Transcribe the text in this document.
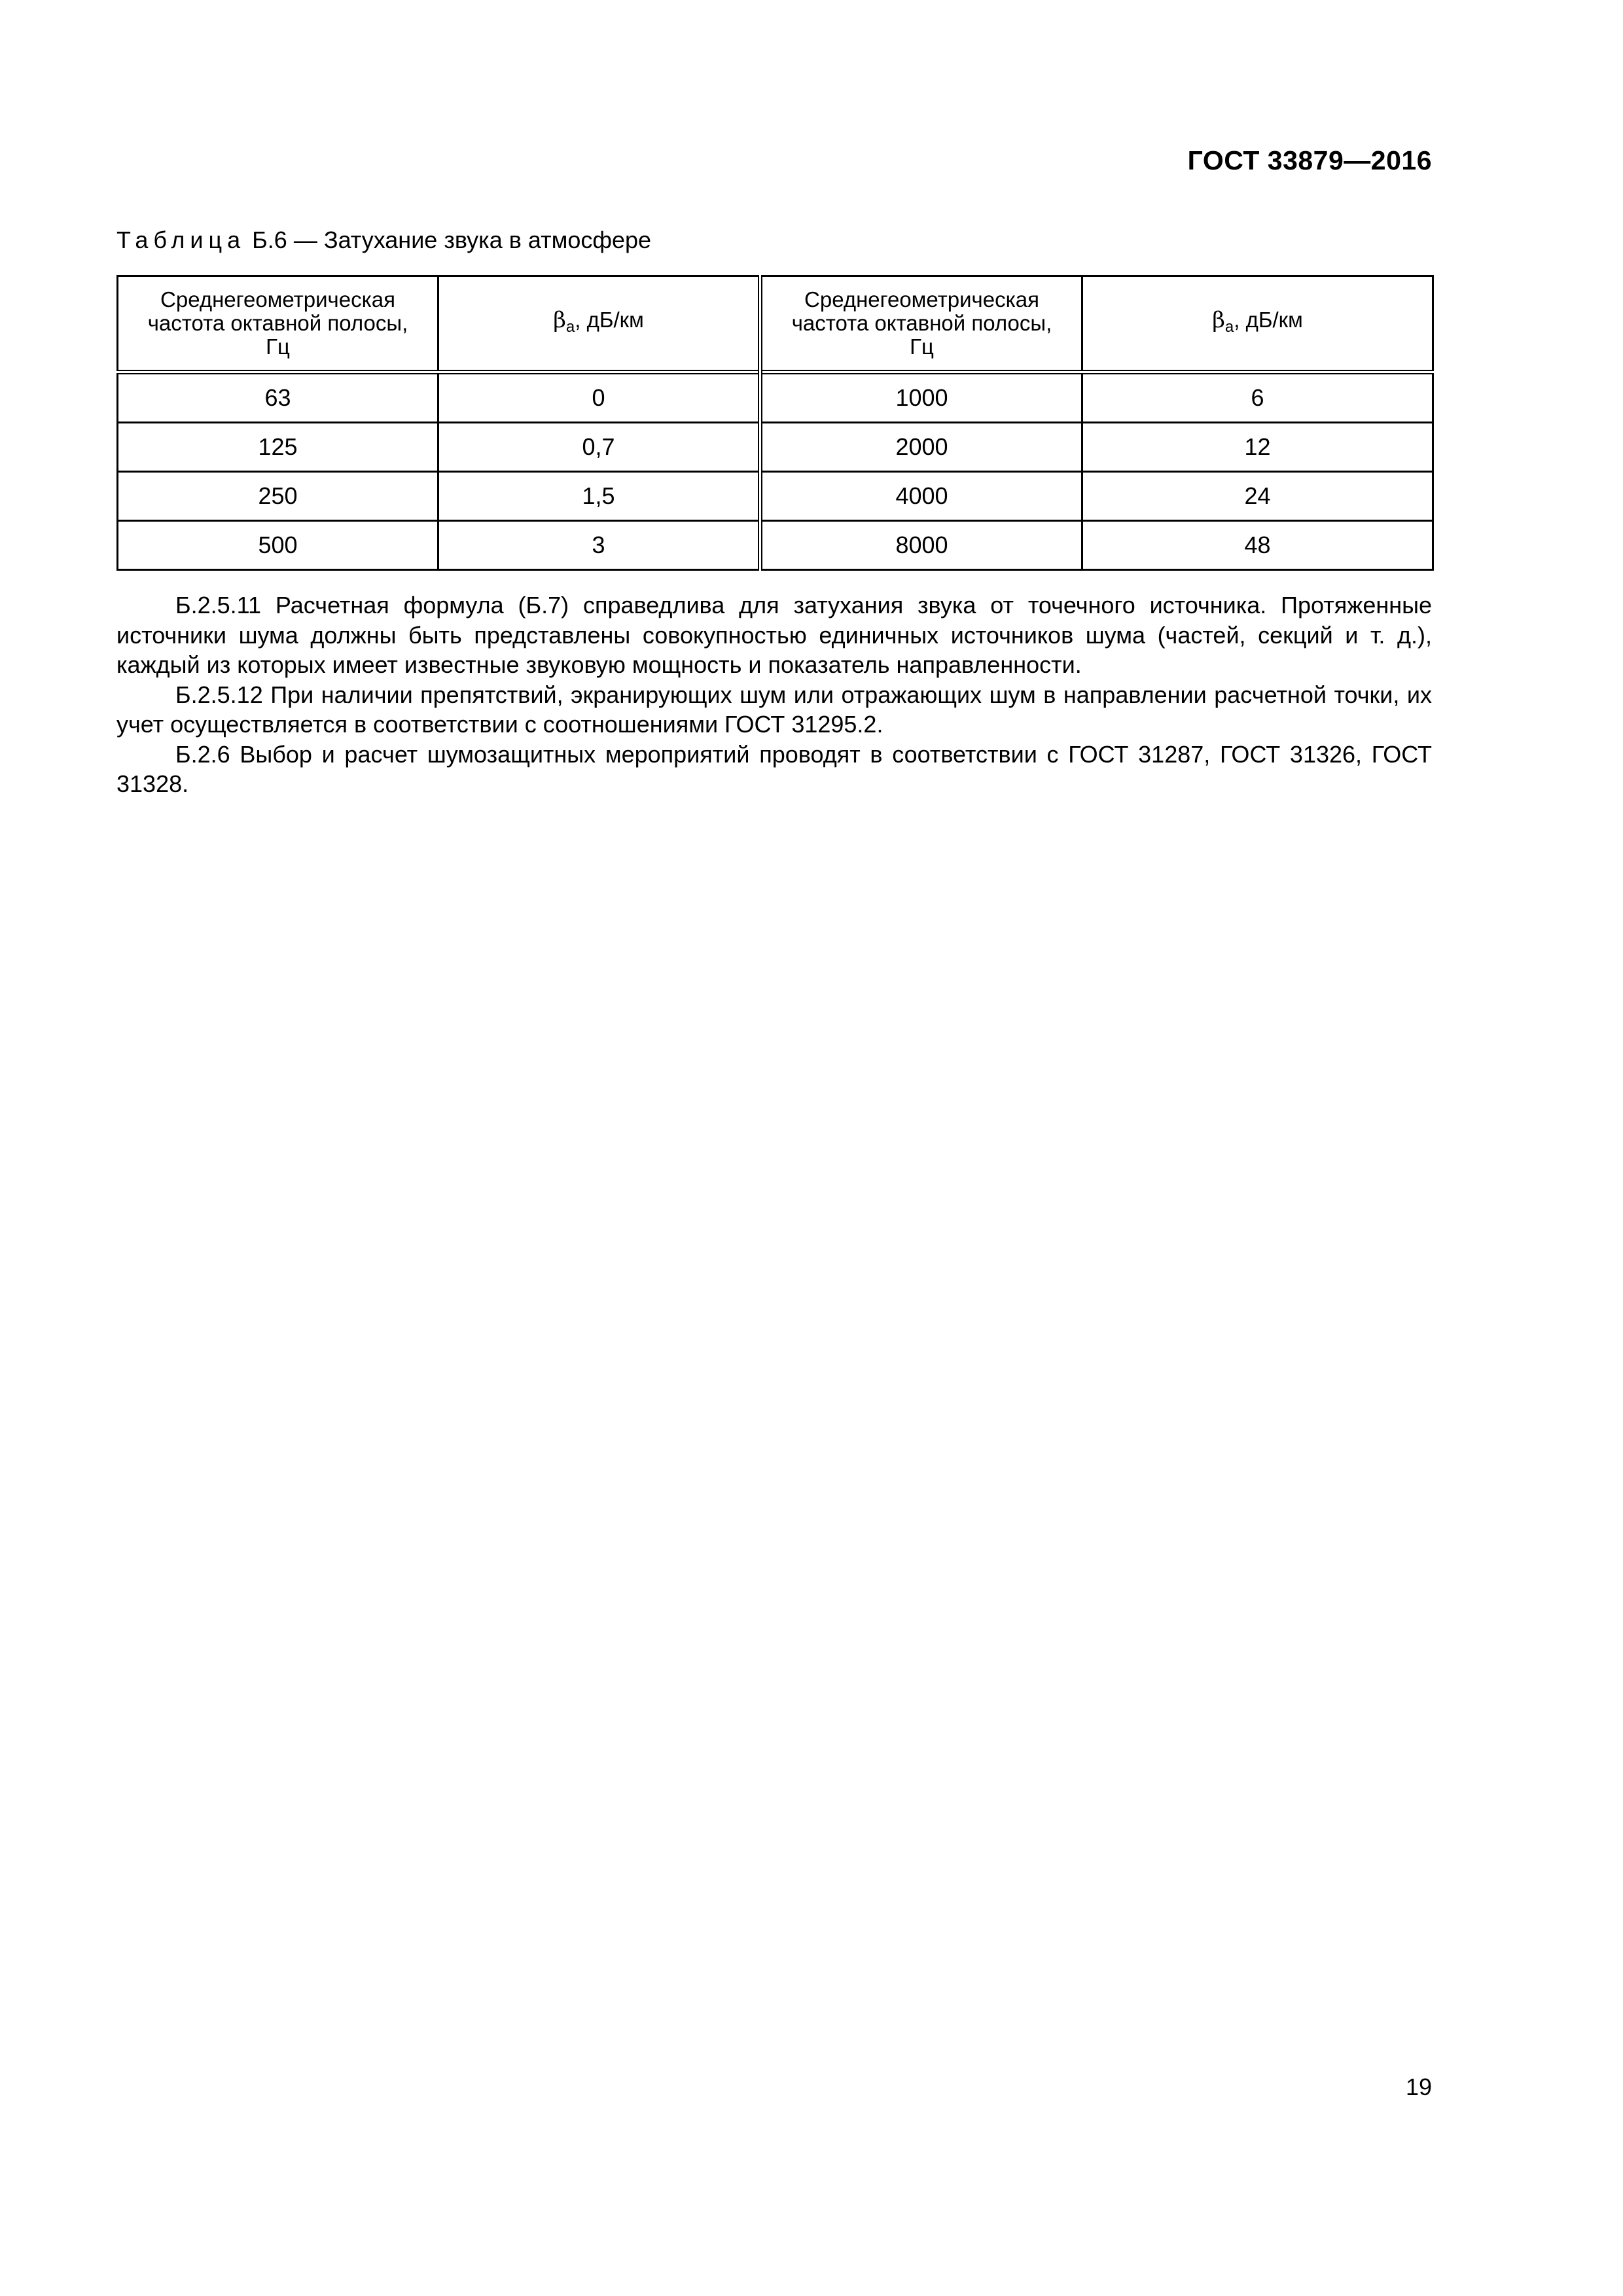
ГОСТ 33879—2016
Таблица Б.6 — Затухание звука в атмосфере
Среднегеометрическая
частота октавной полосы,
Гц	$\beta_a$, дБ/км	Среднегеометрическая
частота октавной полосы,
Гц	$\beta_a$, дБ/км
63	0	1000	6
125	0,7	2000	12
250	1,5	4000	24
500	3	8000	48

Б.2.5.11 Расчетная формула (Б.7) справедлива для затухания звука от точечного источника. Протяженные источники шума должны быть представлены совокупностью единичных источников шума (частей, секций и т. д.), каждый из которых имеет известные звуковую мощность и показатель направленности.

Б.2.5.12 При наличии препятствий, экранирующих шум или отражающих шум в направлении расчетной точки, их учет осуществляется в соответствии с соотношениями ГОСТ 31295.2.

Б.2.6 Выбор и расчет шумозащитных мероприятий проводят в соответствии с ГОСТ 31287, ГОСТ 31326, ГОСТ 31328.

19
